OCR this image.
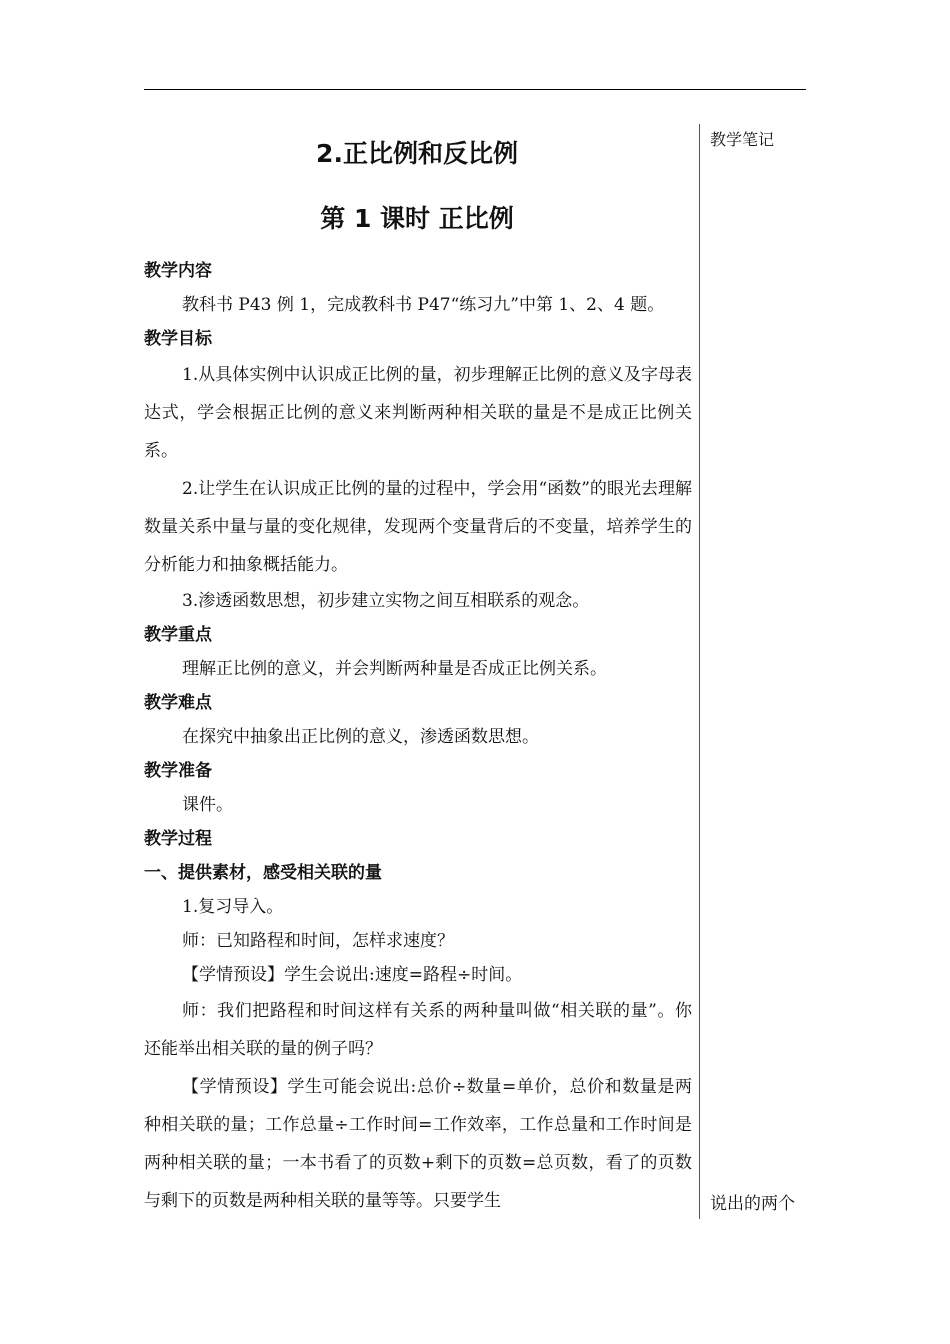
教学笔记
说出的两个
2.正比例和反比例
第 1 课时 正比例
教学内容
教科书 P43 例 1，完成教科书 P47“练习九”中第 1、2、4 题。
教学目标
1.从具体实例中认识成正比例的量，初步理解正比例的意义及字母表达式，学会根据正比例的意义来判断两种相关联的量是不是成正比例关系。
2.让学生在认识成正比例的量的过程中，学会用“函数”的眼光去理解数量关系中量与量的变化规律，发现两个变量背后的不变量，培养学生的分析能力和抽象概括能力。
3.渗透函数思想，初步建立实物之间互相联系的观念。
教学重点
理解正比例的意义，并会判断两种量是否成正比例关系。
教学难点
在探究中抽象出正比例的意义，渗透函数思想。
教学准备
课件。
教学过程
一、提供素材，感受相关联的量
1.复习导入。
师：已知路程和时间，怎样求速度？
【学情预设】学生会说出:速度=路程÷时间。
师：我们把路程和时间这样有关系的两种量叫做“相关联的量”。你还能举出相关联的量的例子吗？
【学情预设】学生可能会说出:总价÷数量=单价，总价和数量是两种相关联的量；工作总量÷工作时间=工作效率，工作总量和工作时间是两种相关联的量；一本书看了的页数+剩下的页数=总页数，看了的页数与剩下的页数是两种相关联的量等等。只要学生
